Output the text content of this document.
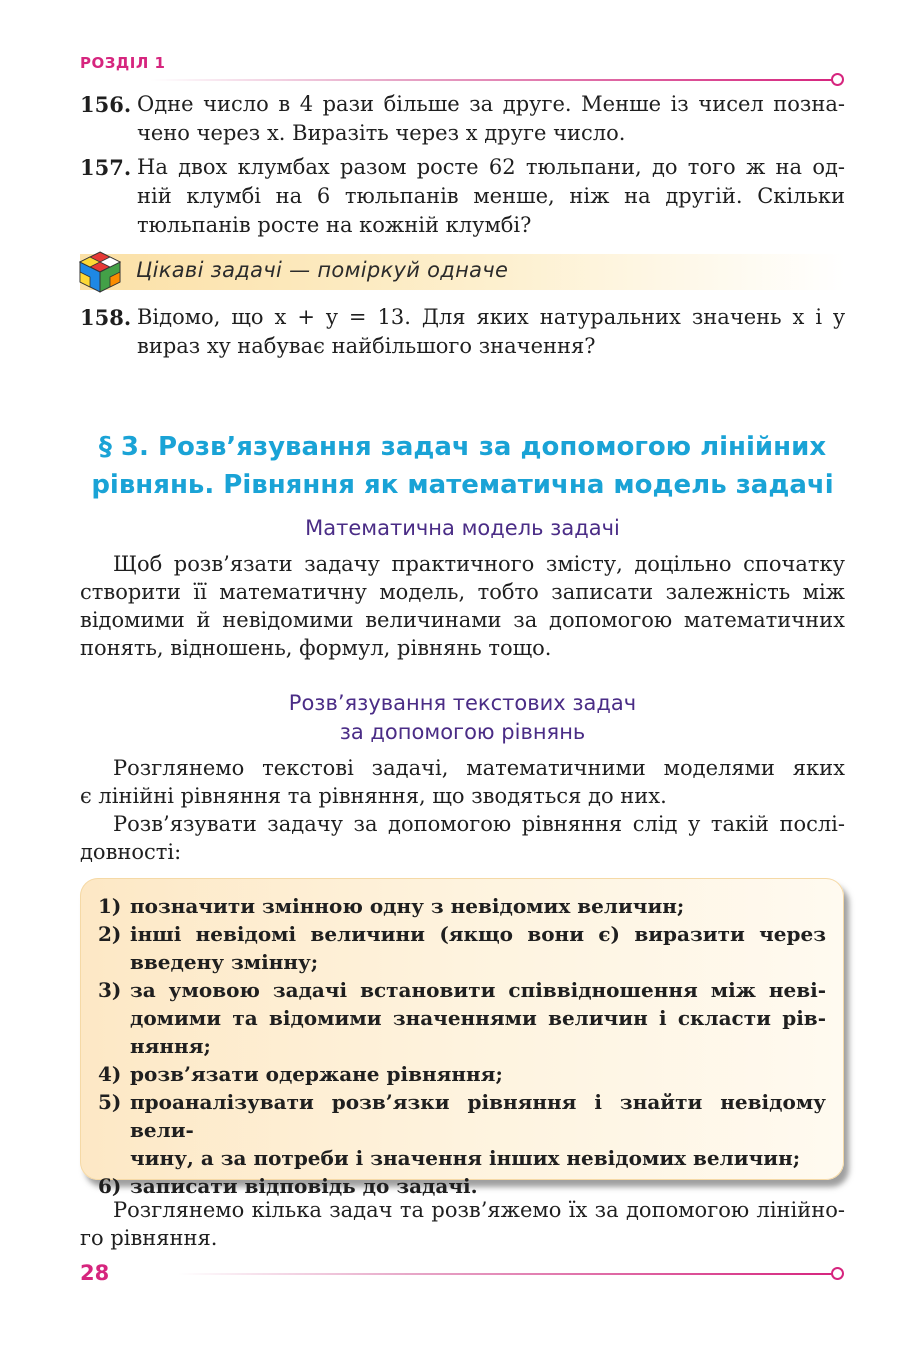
РОЗДІЛ 1
156. Одне число в 4 рази більше за друге. Менше із чисел позна-
чено через x. Виразіть через x друге число.
157. На двох клумбах разом росте 62 тюльпани, до того ж на од-
ній клумбі на 6 тюльпанів менше, ніж на другій. Скільки
тюльпанів росте на кожній клумбі?
Цікаві задачі — поміркуй одначе
158. Відомо, що x + y = 13. Для яких натуральних значень x і y
вираз xy набуває найбільшого значення?
§ 3. Розв’язування задач за допомогою лінійних
рівнянь. Рівняння як математична модель задачі
Математична модель задачі
Щоб розв’язати задачу практичного змісту, доцільно спочатку
створити її математичну модель, тобто записати залежність між
відомими й невідомими величинами за допомогою математичних
понять, відношень, формул, рівнянь тощо.
Розв’язування текстових задач
за допомогою рівнянь
Розглянемо текстові задачі, математичними моделями яких
є лінійні рівняння та рівняння, що зводяться до них.
Розв’язувати задачу за допомогою рівняння слід у такій послі-
довності:
1) позначити змінною одну з невідомих величин;
2) інші невідомі величини (якщо вони є) виразити через
введену змінну;
3) за умовою задачі встановити співвідношення між неві-
домими та відомими значеннями величин і скласти рів-
няння;
4) розв’язати одержане рівняння;
5) проаналізувати розв’язки рівняння і знайти невідому вели-
чину, а за потреби і значення інших невідомих величин;
6) записати відповідь до задачі.
Розглянемо кілька задач та розв’яжемо їх за допомогою лінійно-
го рівняння.
28
